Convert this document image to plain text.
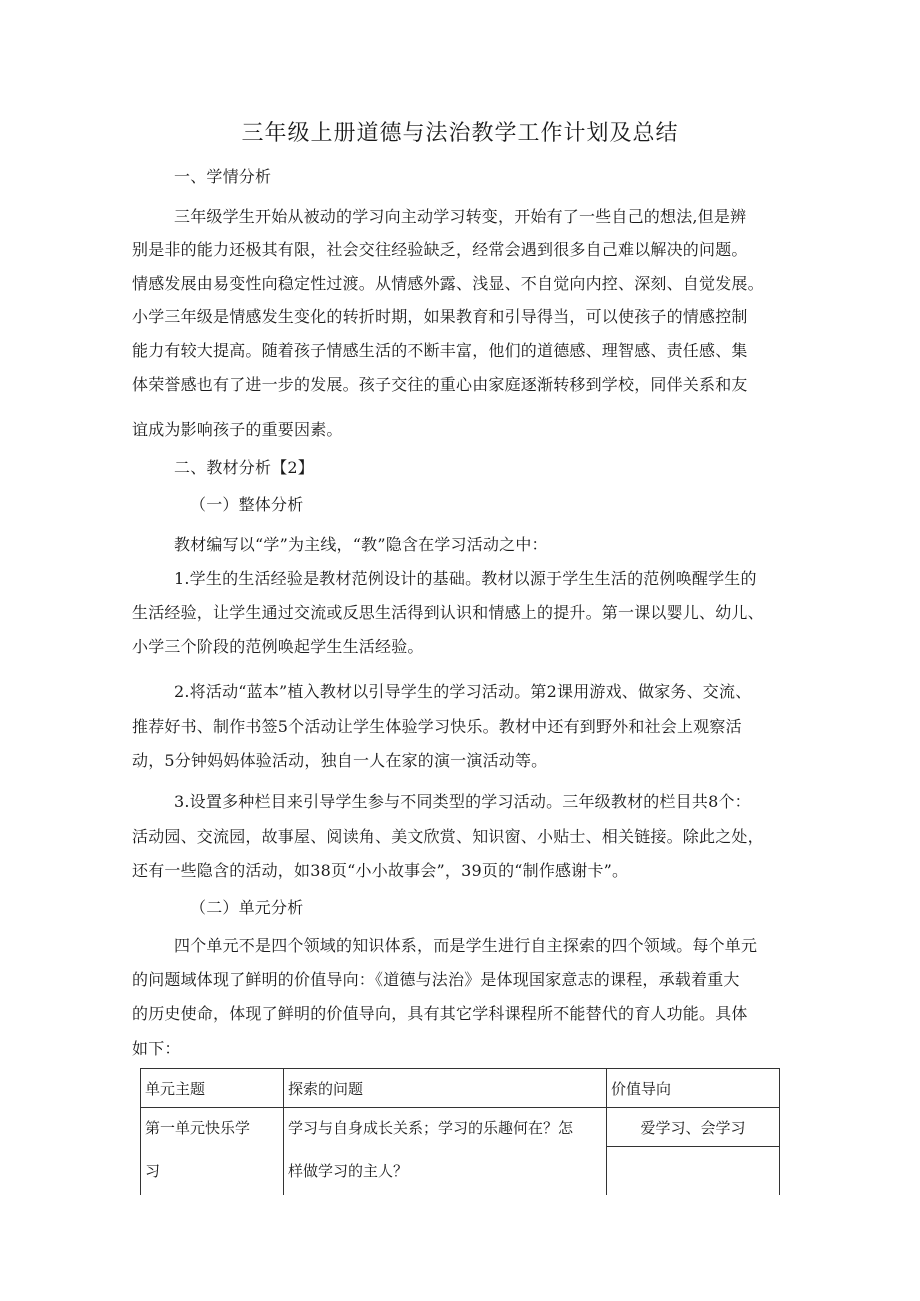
三年级上册道德与法治教学工作计划及总结
一、学情分析
三年级学生开始从被动的学习向主动学习转变，开始有了一些自己的想法,但是辨
别是非的能力还极其有限，社会交往经验缺乏，经常会遇到很多自己难以解决的问题。
情感发展由易变性向稳定性过渡。从情感外露、浅显、不自觉向内控、深刻、自觉发展。
小学三年级是情感发生变化的转折时期，如果教育和引导得当，可以使孩子的情感控制
能力有较大提高。随着孩子情感生活的不断丰富，他们的道德感、理智感、责任感、集
体荣誉感也有了进一步的发展。孩子交往的重心由家庭逐渐转移到学校，同伴关系和友
谊成为影响孩子的重要因素。
二、教材分析【2】
（一）整体分析
教材编写以“学”为主线，“教”隐含在学习活动之中：
1.学生的生活经验是教材范例设计的基础。教材以源于学生生活的范例唤醒学生的
生活经验，让学生通过交流或反思生活得到认识和情感上的提升。第一课以婴儿、幼儿、
小学三个阶段的范例唤起学生生活经验。
2.将活动“蓝本”植入教材以引导学生的学习活动。第2课用游戏、做家务、交流、
推荐好书、制作书签5个活动让学生体验学习快乐。教材中还有到野外和社会上观察活
动，5分钟妈妈体验活动，独自一人在家的演一演活动等。
3.设置多种栏目来引导学生参与不同类型的学习活动。三年级教材的栏目共8个：
活动园、交流园，故事屋、阅读角、美文欣赏、知识窗、小贴士、相关链接。除此之处，
还有一些隐含的活动，如38页“小小故事会”，39页的“制作感谢卡”。
（二）单元分析
四个单元不是四个领域的知识体系，而是学生进行自主探索的四个领域。每个单元
的问题域体现了鲜明的价值导向：《道德与法治》是体现国家意志的课程，承载着重大
的历史使命，体现了鲜明的价值导向，具有其它学科课程所不能替代的育人功能。具体
如下：
单元主题	探索的问题	价值导向
第一单元快乐学	学习与自身成长关系；学习的乐趣何在？怎	爱学习、会学习
习	样做学习的主人？	
